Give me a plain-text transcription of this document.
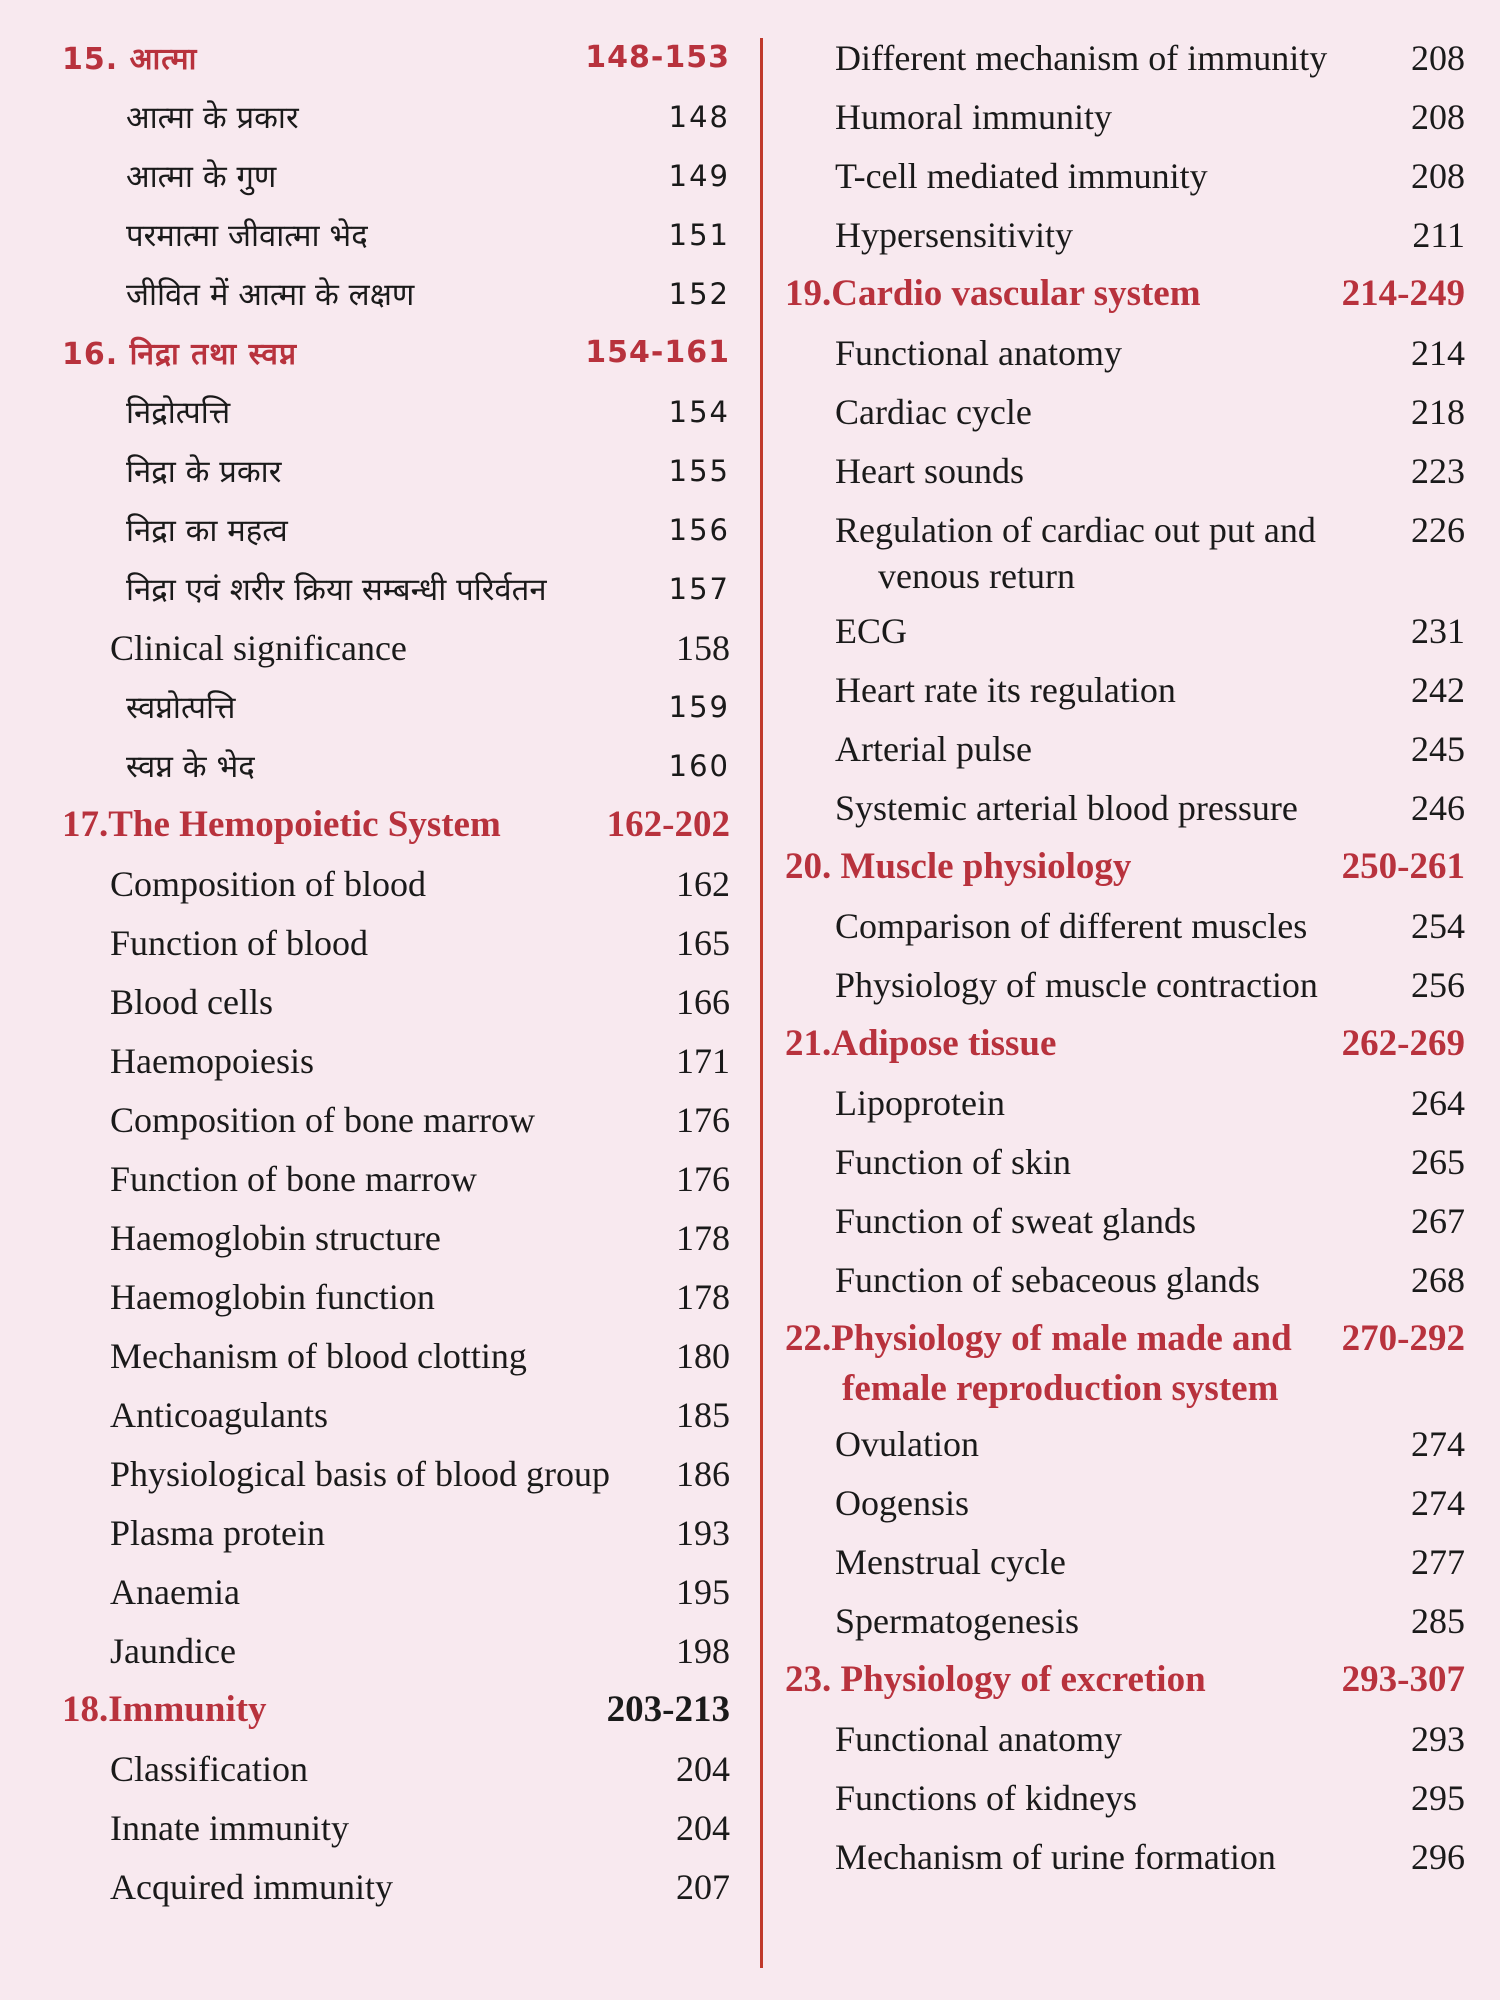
15. आत्मा	148-153
आत्मा के प्रकार	148
आत्मा के गुण	149
परमात्मा जीवात्मा भेद	151
जीवित में आत्मा के लक्षण	152
16. निद्रा तथा स्वप्न	154-161
निद्रोत्पत्ति	154
निद्रा के प्रकार	155
निद्रा का महत्व	156
निद्रा एवं शरीर क्रिया सम्बन्धी परिर्वतन	157
Clinical significance	158
स्वप्नोत्पत्ति	159
स्वप्न के भेद	160
17.The Hemopoietic System	162-202
Composition of blood	162
Function of blood	165
Blood cells	166
Haemopoiesis	171
Composition of bone marrow	176
Function of bone marrow	176
Haemoglobin structure	178
Haemoglobin function	178
Mechanism of blood clotting	180
Anticoagulants	185
Physiological basis of blood group 186
Plasma protein	193
Anaemia	195
Jaundice	198
18.Immunity	203-213
Classification	204
Innate immunity	204
Acquired immunity	207
Different mechanism of immunity 208
Humoral immunity	208
T-cell mediated immunity	208
Hypersensitivity	211
19.Cardio vascular system	214-249
Functional anatomy	214
Cardiac cycle	218
Heart sounds	223
Regulation of cardiac out put and	226
venous return
ECG	231
Heart rate its regulation	242
Arterial pulse	245
Systemic arterial blood pressure	246
20. Muscle physiology	250-261
Comparison of different muscles	254
Physiology of muscle contraction	256
21.Adipose tissue	262-269
Lipoprotein	264
Function of skin	265
Function of sweat glands	267
Function of sebaceous glands	268
22.Physiology of male made and 270-292
female reproduction system
Ovulation	274
Oogensis	274
Menstrual cycle	277
Spermatogenesis	285
23. Physiology of excretion	293-307
Functional anatomy	293
Functions of kidneys	295
Mechanism of urine formation	296
